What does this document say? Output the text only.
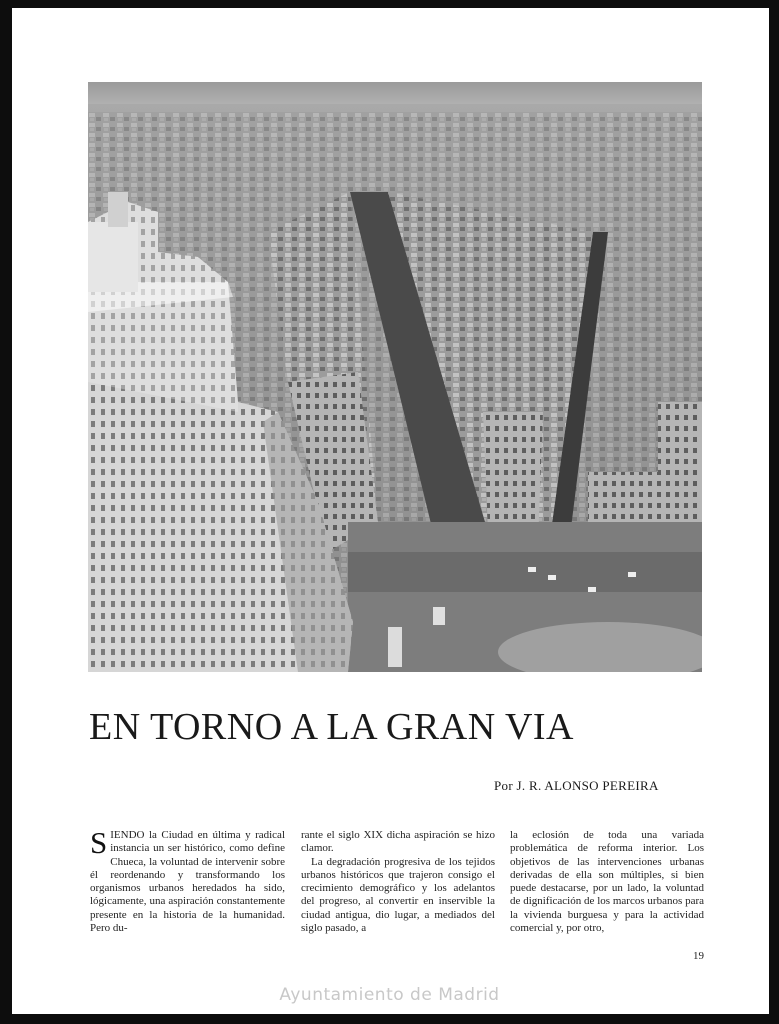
EN TORNO A LA GRAN VIA
Por J. R. ALONSO PEREIRA
SIENDO la Ciudad en última y radical instancia un ser histórico, como define Chueca, la voluntad de intervenir sobre él reordenando y transformando los organismos urbanos heredados ha sido, lógicamente, una aspiración constantemente presente en la historia de la humanidad. Pero du-

rante el siglo XIX dicha aspiración se hizo clamor.

La degradación progresiva de los tejidos urbanos históricos que trajeron consigo el crecimiento demográfico y los adelantos del progreso, al convertir en inservible la ciudad antigua, dio lugar, a mediados del siglo pasado, a

la eclosión de toda una variada problemática de reforma interior. Los objetivos de las intervenciones urbanas derivadas de ella son múltiples, si bien puede destacarse, por un lado, la voluntad de dignificación de los marcos urbanos para la vivienda burguesa y para la actividad comercial y, por otro,

19
Ayuntamiento de Madrid
